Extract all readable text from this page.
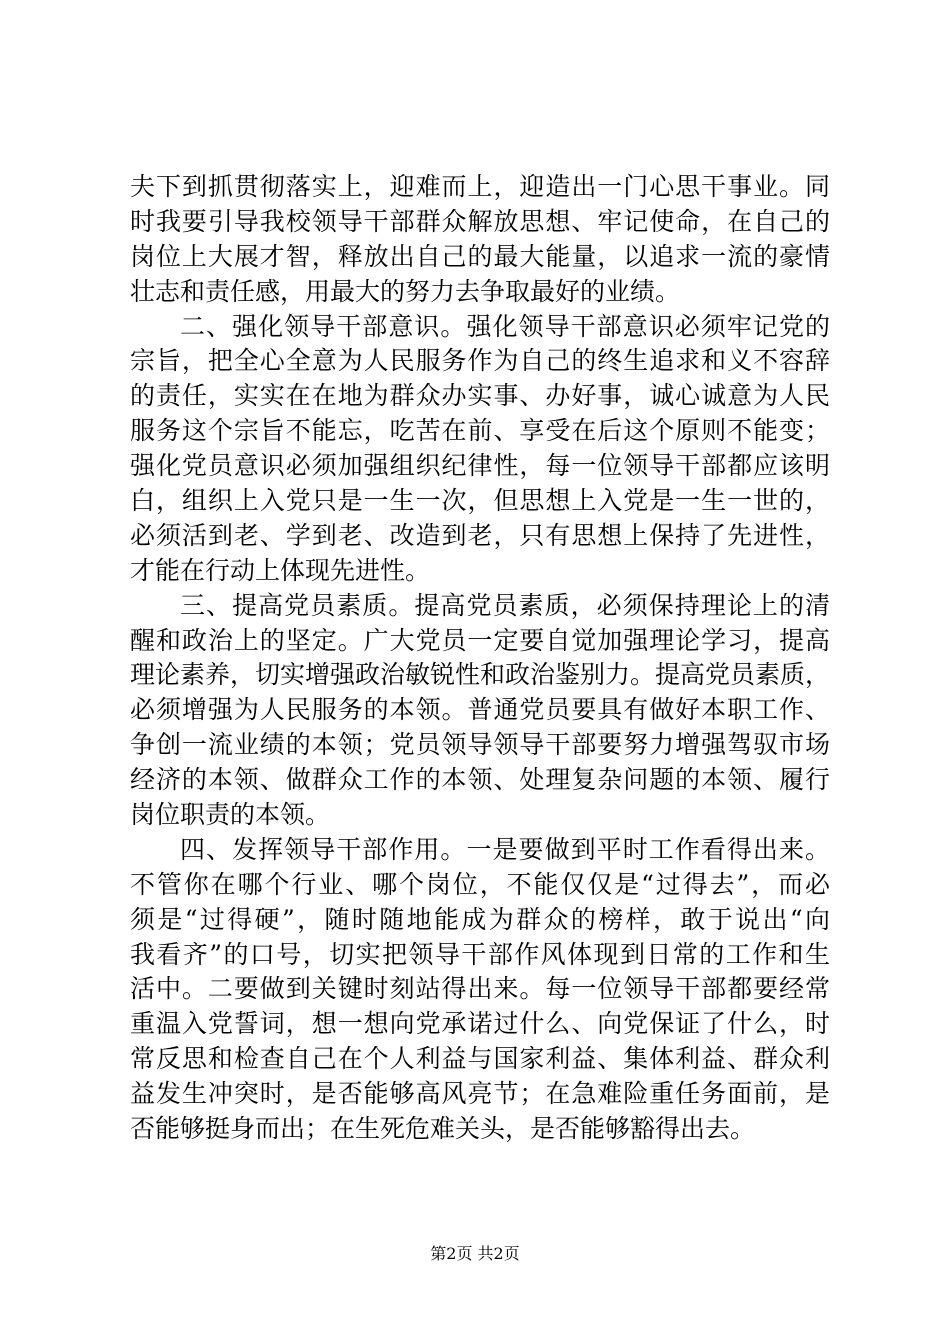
夫下到抓贯彻落实上，迎难而上，迎造出一门心思干事业。同
时我要引导我校领导干部群众解放思想、牢记使命，在自己的
岗位上大展才智，释放出自己的最大能量，以追求一流的豪情
壮志和责任感，用最大的努力去争取最好的业绩。
二、强化领导干部意识。强化领导干部意识必须牢记党的
宗旨，把全心全意为人民服务作为自己的终生追求和义不容辞
的责任，实实在在地为群众办实事、办好事，诚心诚意为人民
服务这个宗旨不能忘，吃苦在前、享受在后这个原则不能变；
强化党员意识必须加强组织纪律性，每一位领导干部都应该明
白，组织上入党只是一生一次，但思想上入党是一生一世的，
必须活到老、学到老、改造到老，只有思想上保持了先进性，
才能在行动上体现先进性。
三、提高党员素质。提高党员素质，必须保持理论上的清
醒和政治上的坚定。广大党员一定要自觉加强理论学习，提高
理论素养，切实增强政治敏锐性和政治鉴别力。提高党员素质，
必须增强为人民服务的本领。普通党员要具有做好本职工作、
争创一流业绩的本领；党员领导领导干部要努力增强驾驭市场
经济的本领、做群众工作的本领、处理复杂问题的本领、履行
岗位职责的本领。
四、发挥领导干部作用。一是要做到平时工作看得出来。
不管你在哪个行业、哪个岗位，不能仅仅是“过得去”，而必
须是“过得硬”，随时随地能成为群众的榜样，敢于说出“向
我看齐”的口号，切实把领导干部作风体现到日常的工作和生
活中。二要做到关键时刻站得出来。每一位领导干部都要经常
重温入党誓词，想一想向党承诺过什么、向党保证了什么，时
常反思和检查自己在个人利益与国家利益、集体利益、群众利
益发生冲突时，是否能够高风亮节；在急难险重任务面前，是
否能够挺身而出；在生死危难关头，是否能够豁得出去。
第2页 共2页
